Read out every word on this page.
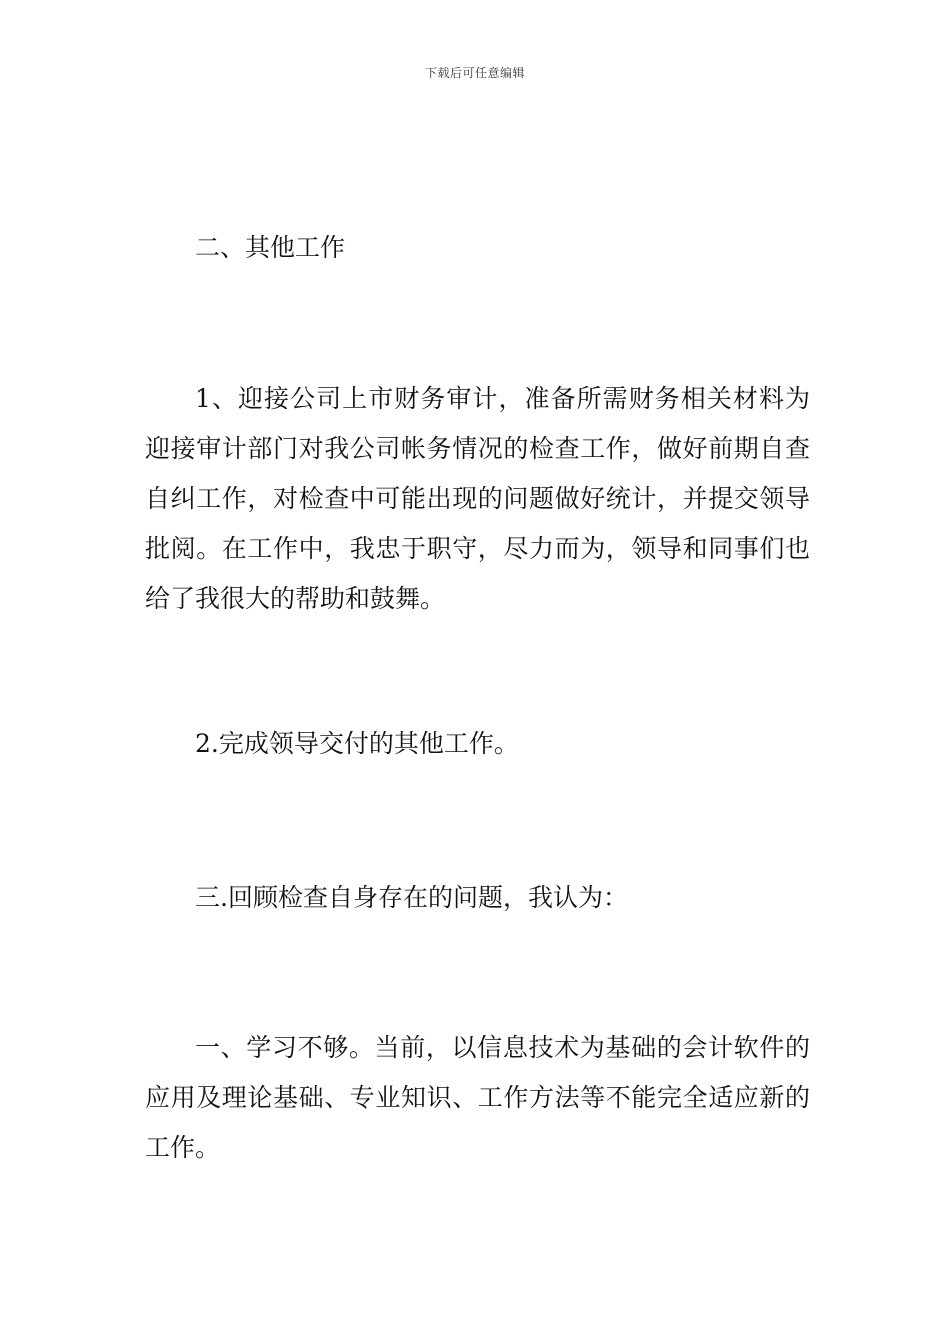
下载后可任意编辑

二、其他工作

1、迎接公司上市财务审计，准备所需财务相关材料为迎接审计部门对我公司帐务情况的检查工作，做好前期自查自纠工作，对检查中可能出现的问题做好统计，并提交领导批阅。在工作中，我忠于职守，尽力而为，领导和同事们也给了我很大的帮助和鼓舞。

2.完成领导交付的其他工作。

三.回顾检查自身存在的问题，我认为：

一、学习不够。当前，以信息技术为基础的会计软件的应用及理论基础、专业知识、工作方法等不能完全适应新的工作。
